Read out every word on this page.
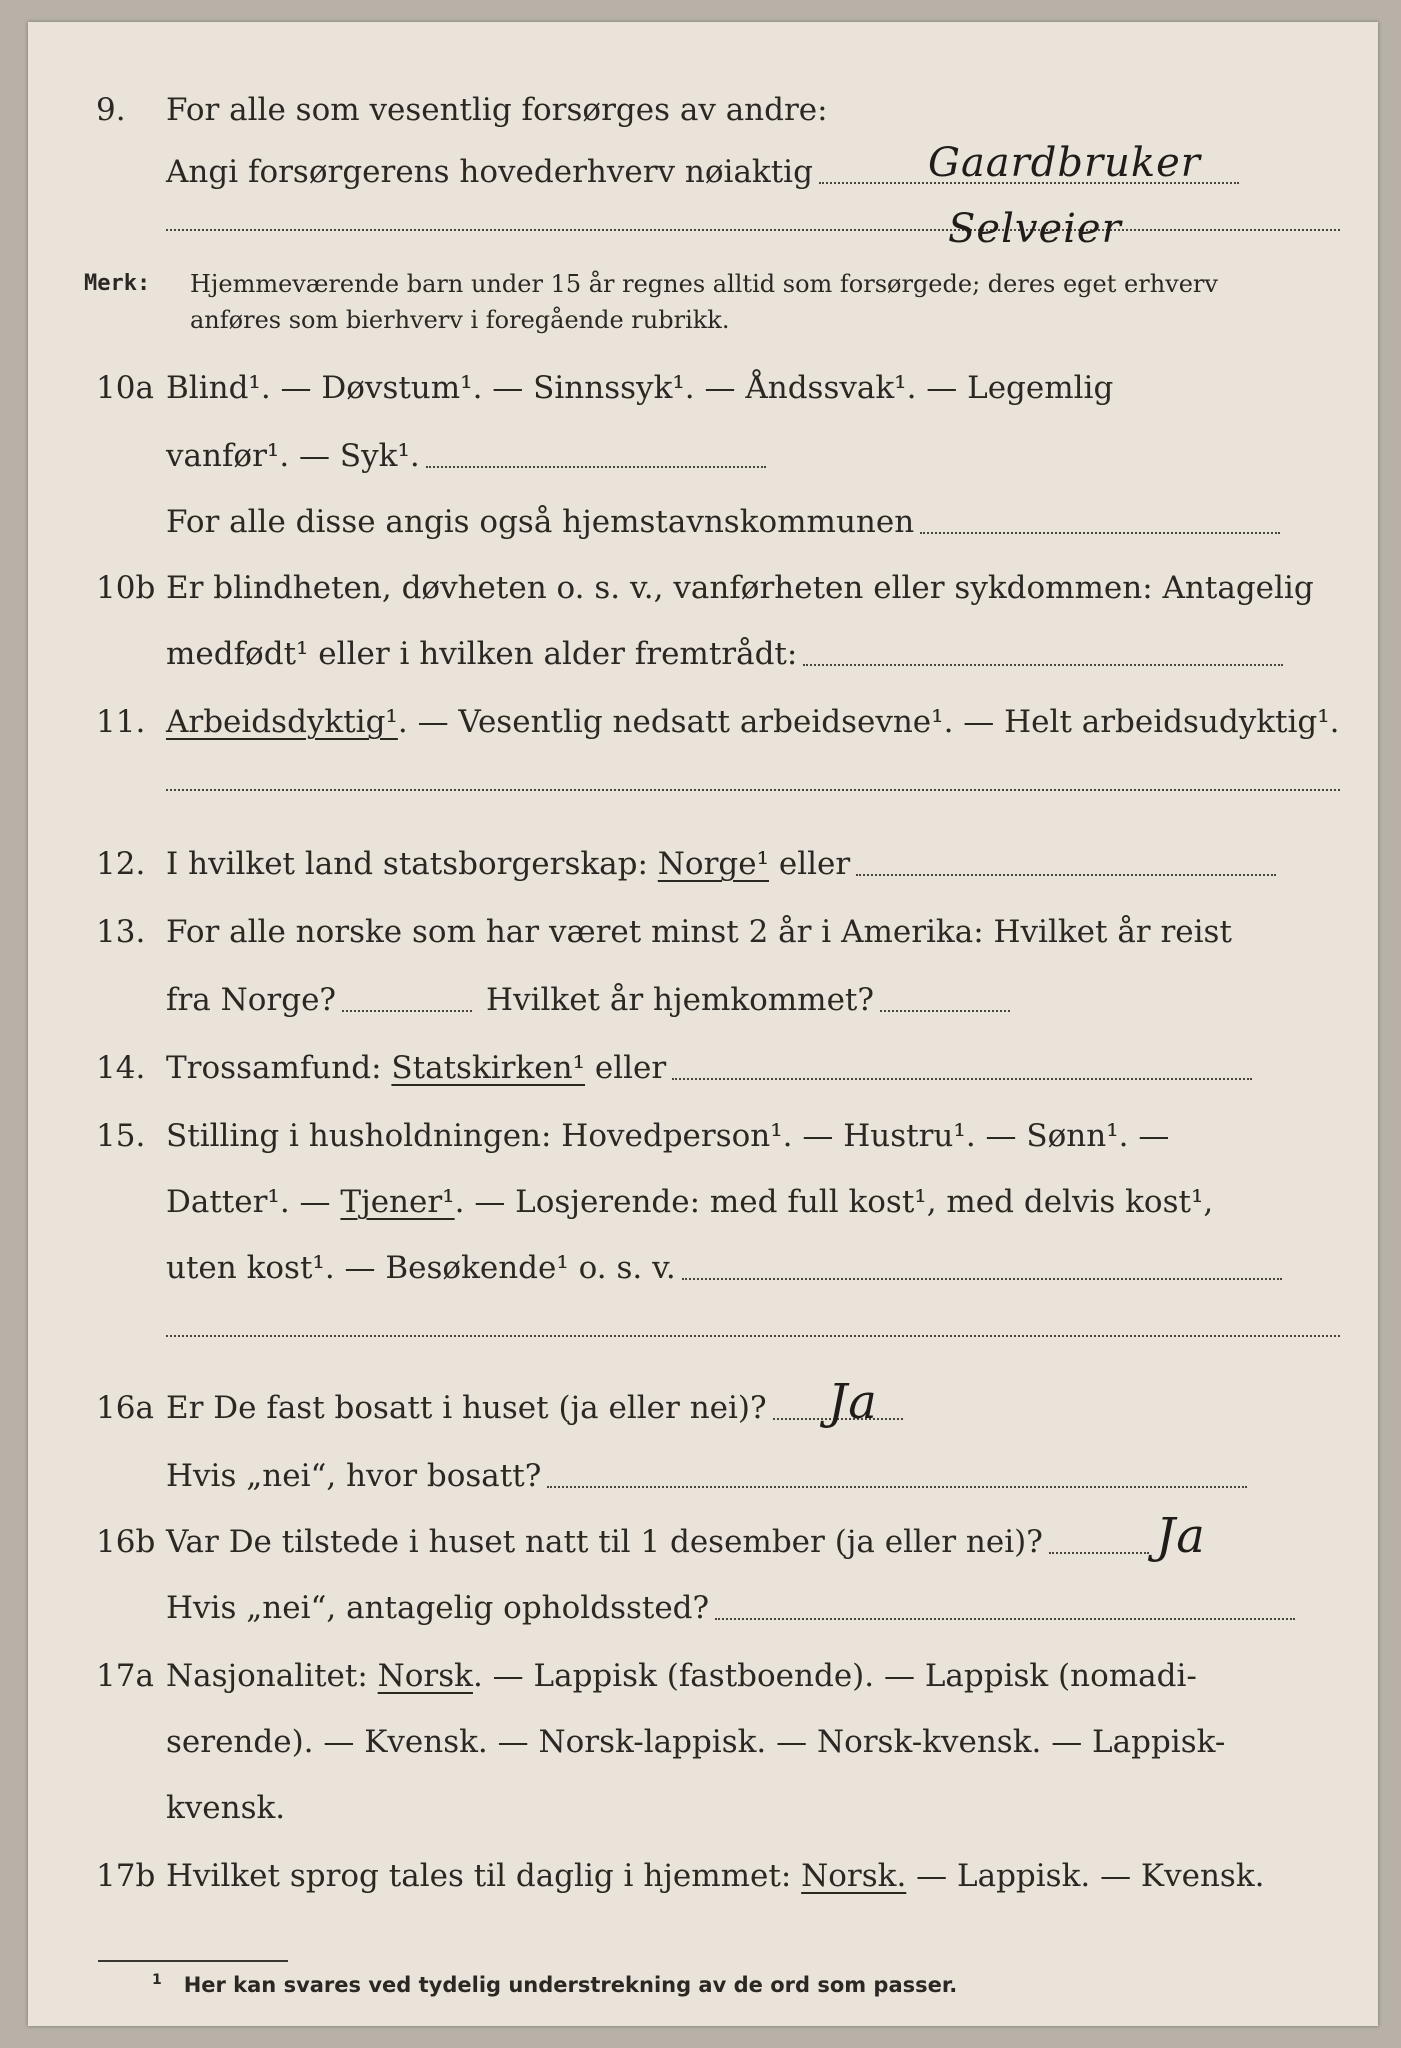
9. For alle som vesentlig forsørges av andre:
Angi forsørgerens hovederhverv nøiaktig	Gaardbruker
Selveier
Merk: Hjemmeværende barn under 15 år regnes alltid som forsørgede; deres eget erhverv
anføres som bierhverv i foregående rubrikk.
10a Blind¹. — Døvstum¹. — Sinnssyk¹. — Åndssvak¹. — Legemlig
vanfør¹. — Syk¹.
For alle disse angis også hjemstavnskommunen
10b Er blindheten, døvheten o. s. v., vanførheten eller sykdommen: Antagelig
medfødt¹ eller i hvilken alder fremtrådt:
11. Arbeidsdyktig¹ . — Vesentlig nedsatt arbeidsevne¹. — Helt arbeidsudyktig¹.
12. I hvilket land statsborgerskap: Norge¹ eller
13. For alle norske som har været minst 2 år i Amerika: Hvilket år reist
fra Norge?	Hvilket år hjemkommet?
14. Trossamfund: Statskirken¹ eller
15. Stilling i husholdningen: Hovedperson¹. — Hustru¹. — Sønn¹. —
Datter¹. — Tjener¹ . — Losjerende: med full kost¹, med delvis kost¹,
uten kost¹. — Besøkende¹ o. s. v.
16a Er De fast bosatt i huset (ja eller nei)? Ja
Hvis „nei“, hvor bosatt?
16b Var De tilstede i huset natt til 1 desember (ja eller nei)? Ja
Hvis „nei“, antagelig opholdssted?
17a Nasjonalitet: Norsk . — Lappisk (fastboende). — Lappisk (nomadi-
serende). — Kvensk. — Norsk-lappisk. — Norsk-kvensk. — Lappisk-
kvensk.
17b Hvilket sprog tales til daglig i hjemmet: Norsk. — Lappisk. — Kvensk.
$^1$ Her kan svares ved tydelig understrekning av de ord som passer.
